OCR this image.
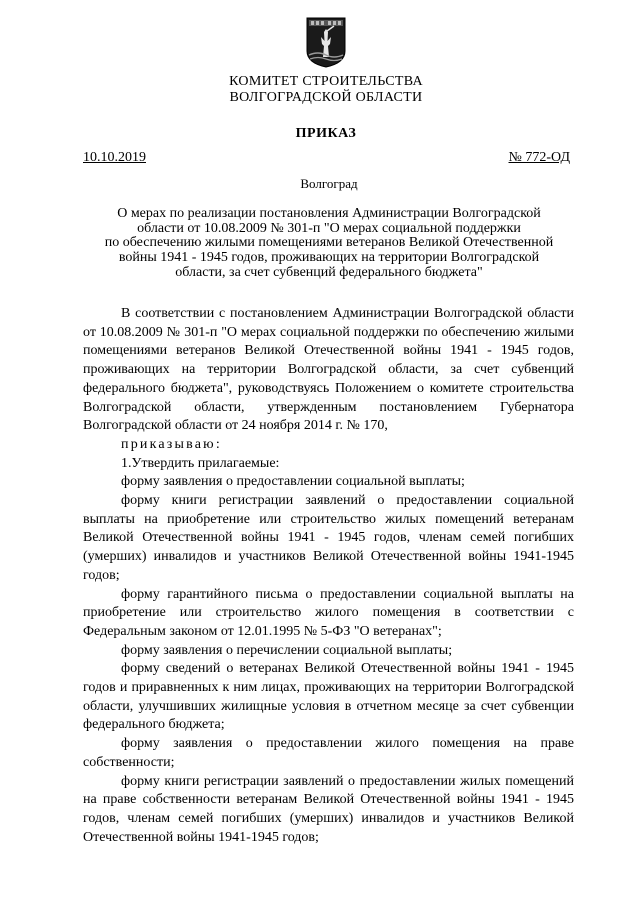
КОМИТЕТ СТРОИТЕЛЬСТВА
ВОЛГОГРАДСКОЙ ОБЛАСТИ
ПРИКАЗ
10.10.2019	№ 772-ОД
Волгоград
О мерах по реализации постановления Администрации Волгоградской
области от 10.08.2009 № 301-п "О мерах социальной поддержки
по обеспечению жилыми помещениями ветеранов Великой Отечественной
войны 1941 - 1945 годов, проживающих на территории Волгоградской
области, за счет субвенций федерального бюджета"

В соответствии с постановлением Администрации Волгоградской области от 10.08.2009 № 301-п "О мерах социальной поддержки по обеспечению жилыми помещениями ветеранов Великой Отечественной войны 1941 - 1945 годов, проживающих на территории Волгоградской области, за счет субвенций федерального бюджета", руководствуясь Положением о комитете строительства Волгоградской области, утвержденным постановлением Губернатора Волгоградской области от 24 ноября 2014 г. № 170,

приказываю:

1.Утвердить прилагаемые:

форму заявления о предоставлении социальной выплаты;

форму книги регистрации заявлений о предоставлении социальной выплаты на приобретение или строительство жилых помещений ветеранам Великой Отечественной войны 1941 - 1945 годов, членам семей погибших (умерших) инвалидов и участников Великой Отечественной войны 1941-1945 годов;

форму гарантийного письма о предоставлении социальной выплаты на приобретение или строительство жилого помещения в соответствии с Федеральным законом от 12.01.1995 № 5-ФЗ "О ветеранах";

форму заявления о перечислении социальной выплаты;

форму сведений о ветеранах Великой Отечественной войны 1941 - 1945 годов и приравненных к ним лицах, проживающих на территории Волгоградской области, улучшивших жилищные условия в отчетном месяце за счет субвенции федерального бюджета;

форму заявления о предоставлении жилого помещения на праве собственности;

форму книги регистрации заявлений о предоставлении жилых помещений на праве собственности ветеранам Великой Отечественной войны 1941 - 1945 годов, членам семей погибших (умерших) инвалидов и участников Великой Отечественной войны 1941-1945 годов;
